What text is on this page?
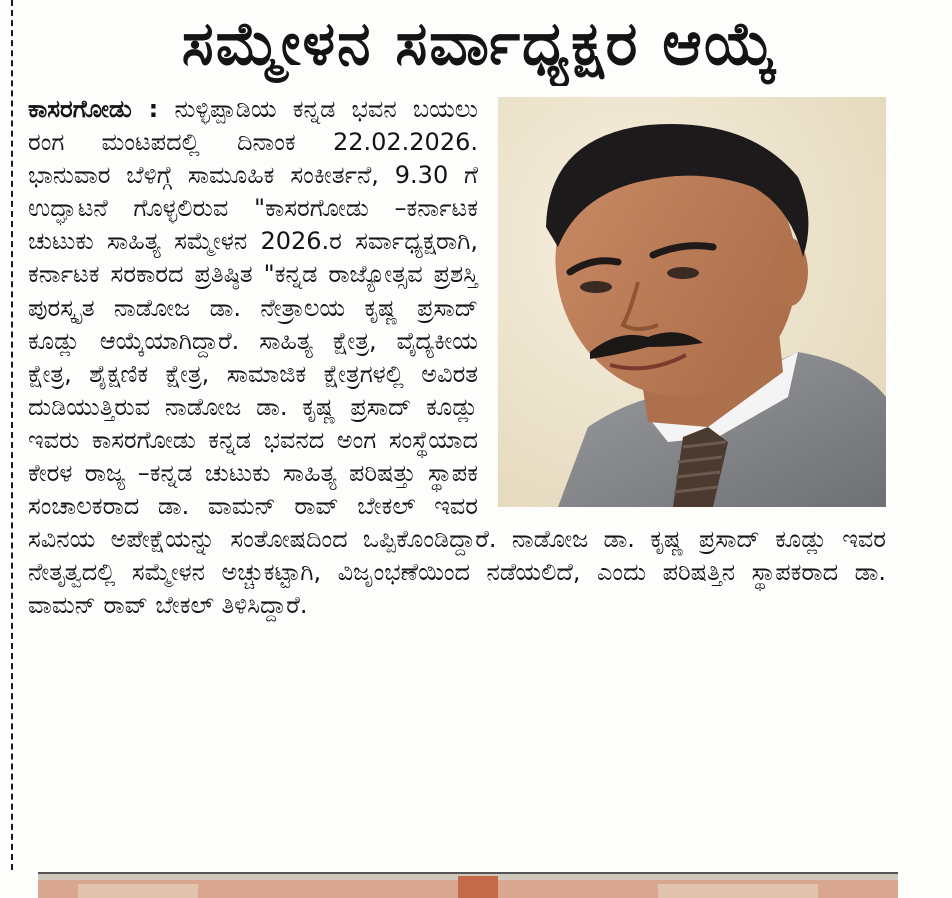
ಸಮ್ಮೇಳನ ಸರ್ವಾಧ್ಯಕ್ಷರ ಆಯ್ಕೆ
ಕಾಸರಗೋಡು : ನುಳ್ಳಿಪ್ಪಾಡಿಯ ಕನ್ನಡ ಭವನ ಬಯಲು ರಂಗ ಮಂಟಪದಲ್ಲಿ ದಿನಾಂಕ 22.02.2026. ಭಾನುವಾರ ಬೆಳಿಗ್ಗೆ ಸಾಮೂಹಿಕ ಸಂಕೀರ್ತನೆ, 9.30 ಗೆ ಉದ್ಘಾಟನೆ ಗೊಳ್ಳಲಿರುವ "ಕಾಸರಗೋಡು –ಕರ್ನಾಟಕ ಚುಟುಕು ಸಾಹಿತ್ಯ ಸಮ್ಮೇಳನ 2026.ರ ಸರ್ವಾಧ್ಯಕ್ಷರಾಗಿ, ಕರ್ನಾಟಕ ಸರಕಾರದ ಪ್ರತಿಷ್ಠಿತ "ಕನ್ನಡ ರಾಜ್ಯೋತ್ಸವ ಪ್ರಶಸ್ತಿ ಪುರಸ್ಕೃತ ನಾಡೋಜ ಡಾ. ನೇತ್ರಾಲಯ ಕೃಷ್ಣ ಪ್ರಸಾದ್ ಕೂಡ್ಲು ಆಯ್ಕೆಯಾಗಿದ್ದಾರೆ. ಸಾಹಿತ್ಯ ಕ್ಷೇತ್ರ, ವೈದ್ಯಕೀಯ ಕ್ಷೇತ್ರ, ಶೈಕ್ಷಣಿಕ ಕ್ಷೇತ್ರ, ಸಾಮಾಜಿಕ ಕ್ಷೇತ್ರಗಳಲ್ಲಿ ಅವಿರತ ದುಡಿಯುತ್ತಿರುವ ನಾಡೋಜ ಡಾ. ಕೃಷ್ಣ ಪ್ರಸಾದ್ ಕೂಡ್ಲು ಇವರು ಕಾಸರಗೋಡು ಕನ್ನಡ ಭವನದ ಅಂಗ ಸಂಸ್ಥೆಯಾದ ಕೇರಳ ರಾಜ್ಯ –ಕನ್ನಡ ಚುಟುಕು ಸಾಹಿತ್ಯ ಪರಿಷತ್ತು ಸ್ಥಾಪಕ ಸಂಚಾಲಕರಾದ ಡಾ. ವಾಮನ್ ರಾವ್ ಬೇಕಲ್ ಇವರ ಸವಿನಯ ಅಪೇಕ್ಷೆಯನ್ನು ಸಂತೋಷದಿಂದ ಒಪ್ಪಿಕೊಂಡಿದ್ದಾರೆ. ನಾಡೋಜ ಡಾ. ಕೃಷ್ಣ ಪ್ರಸಾದ್ ಕೂಡ್ಲು ಇವರ ನೇತೃತ್ವದಲ್ಲಿ ಸಮ್ಮೇಳನ ಅಚ್ಚುಕಟ್ಟಾಗಿ, ವಿಜೃಂಭಣೆಯಿಂದ ನಡೆಯಲಿದೆ, ಎಂದು ಪರಿಷತ್ತಿನ ಸ್ಥಾಪಕರಾದ ಡಾ. ವಾಮನ್ ರಾವ್ ಬೇಕಲ್ ತಿಳಿಸಿದ್ದಾರೆ.
